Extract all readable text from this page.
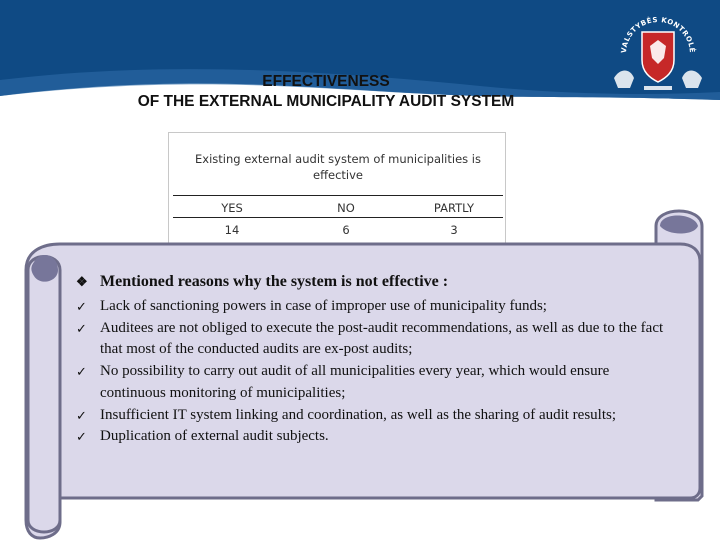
VALSTYBĖS KONTROLĖ
EFFECTIVENESS
OF THE EXTERNAL MUNICIPALITY AUDIT SYSTEM
Existing external audit system of municipalities is effective
YES	NO	PARTLY
14	6	3
❖ Mentioned reasons why the system is not effective :
✓ Lack of sanctioning powers in case of improper use of municipality funds;
✓ Auditees are not obliged to execute the post-audit recommendations, as well as due to the fact that most of the conducted audits are ex-post audits;
✓ No possibility to carry out audit of all municipalities every year, which would ensure continuous monitoring of municipalities;
✓ Insufficient IT system linking and coordination, as well as the sharing of audit results;
✓ Duplication of external audit subjects.
